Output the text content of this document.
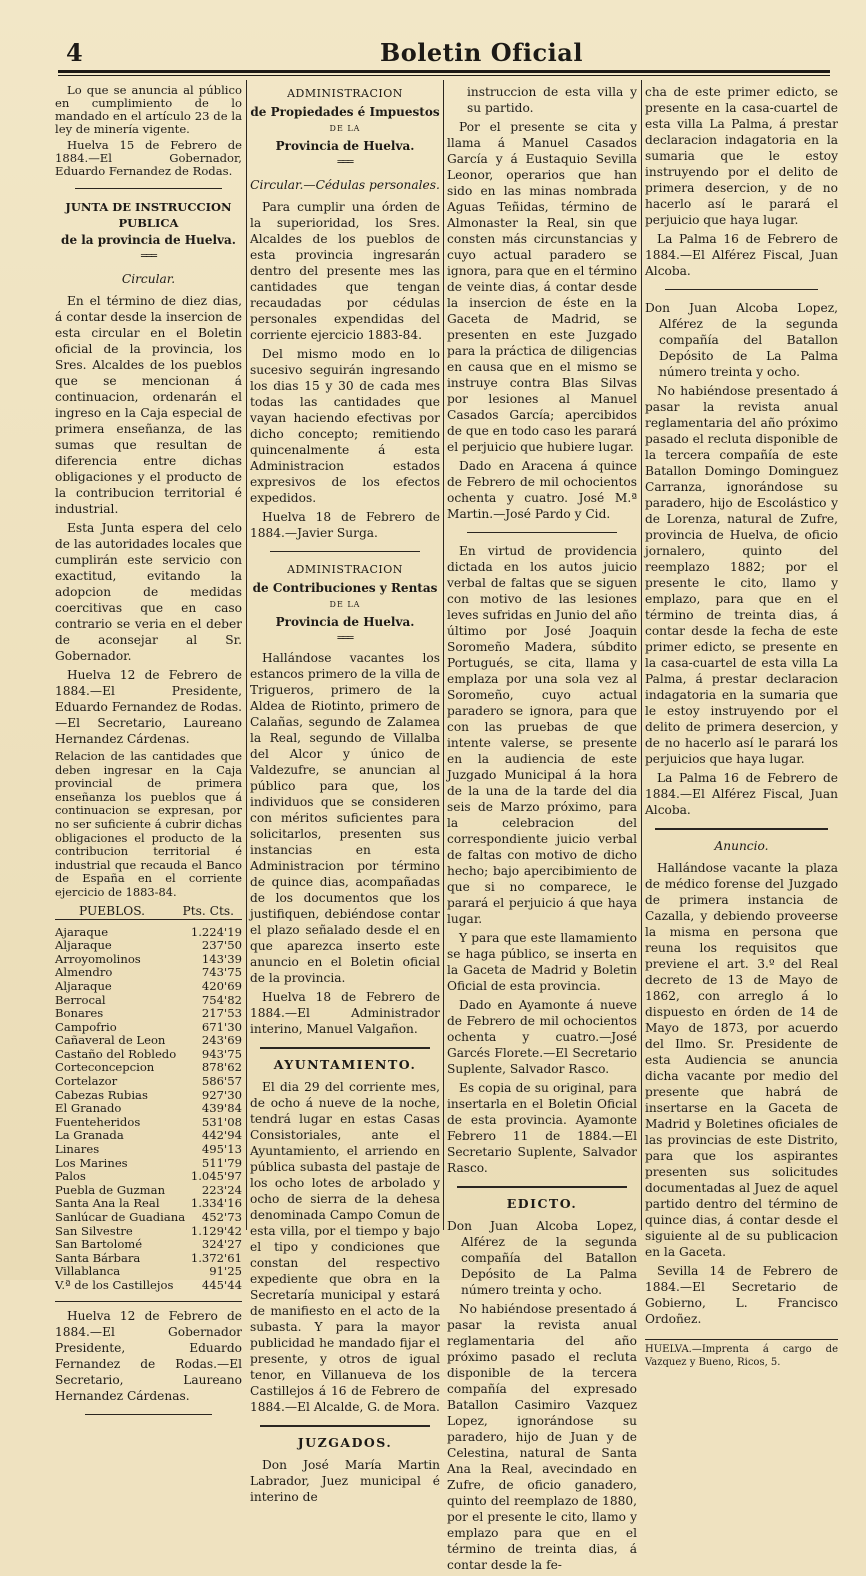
4	Boletin Oficial

Lo que se anuncia al público en cumplimiento de lo mandado en el artículo 23 de la ley de minería vigente.

Huelva 15 de Febrero de 1884.—El Gobernador, Eduardo Fernandez de Rodas.

JUNTA DE INSTRUCCION PUBLICA
de la provincia de Huelva.
═══
Circular.

En el término de diez dias, á contar desde la insercion de esta circular en el Boletin oficial de la provincia, los Sres. Alcaldes de los pueblos que se mencionan á continuacion, ordenarán el ingreso en la Caja especial de primera enseñanza, de las sumas que resultan de diferencia entre dichas obligaciones y el producto de la contribucion territorial é industrial.

Esta Junta espera del celo de las autoridades locales que cumplirán este servicio con exactitud, evitando la adopcion de medidas coercitivas que en caso contrario se veria en el deber de aconsejar al Sr. Gobernador.

Huelva 12 de Febrero de 1884.—El Presidente, Eduardo Fernandez de Rodas.—El Secretario, Laureano Hernandez Cárdenas.

Relacion de las cantidades que deben ingresar en la Caja provincial de primera enseñanza los pueblos que á continuacion se expresan, por no ser suficiente á cubrir dichas obligaciones el producto de la contribucion territorial é industrial que recauda el Banco de España en el corriente ejercicio de 1883-84.

PUEBLOS.	Pts. Cts.
Ajaraque	1.224'19
Aljaraque	237'50
Arroyomolinos	143'39
Almendro	743'75
Aljaraque	420'69
Berrocal	754'82
Bonares	217'53
Campofrio	671'30
Cañaveral de Leon	243'69
Castaño del Robledo 943'75
Corteconcepcion	878'62
Cortelazor	586'57
Cabezas Rubias	927'30
El Granado	439'84
Fuenteheridos	531'08
La Granada	442'94
Linares	495'13
Los Marines	511'79
Palos	1.045'97
Puebla de Guzman	223'24
Santa Ana la Real	1.334'16
Sanlúcar de Guadiana 452'73
San Silvestre	1.129'42
San Bartolomé	324'27
Santa Bárbara	1.372'61
Villablanca	91'25
V.ª de los Castillejos 445'44

Huelva 12 de Febrero de 1884.—El Gobernador Presidente, Eduardo Fernandez de Rodas.—El Secretario, Laureano Hernandez Cárdenas.

ADMINISTRACION
de Propiedades é Impuestos
DE LA
Provincia de Huelva.
═══
Circular.—Cédulas personales.

Para cumplir una órden de la superioridad, los Sres. Alcaldes de los pueblos de esta provincia ingresarán dentro del presente mes las cantidades que tengan recaudadas por cédulas personales expendidas del corriente ejercicio 1883-84.

Del mismo modo en lo sucesivo seguirán ingresando los dias 15 y 30 de cada mes todas las cantidades que vayan haciendo efectivas por dicho concepto; remitiendo quincenalmente á esta Administracion estados expresivos de los efectos expedidos.

Huelva 18 de Febrero de 1884.—Javier Surga.

ADMINISTRACION
de Contribuciones y Rentas
DE LA
Provincia de Huelva.
═══

Hallándose vacantes los estancos primero de la villa de Trigueros, primero de la Aldea de Riotinto, primero de Calañas, segundo de Zalamea la Real, segundo de Villalba del Alcor y único de Valdezufre, se anuncian al público para que, los individuos que se consideren con méritos suficientes para solicitarlos, presenten sus instancias en esta Administracion por término de quince dias, acompañadas de los documentos que los justifiquen, debiéndose contar el plazo señalado desde el en que aparezca inserto este anuncio en el Boletin oficial de la provincia.

Huelva 18 de Febrero de 1884.—El Administrador interino, Manuel Valgañon.

AYUNTAMIENTO.

El dia 29 del corriente mes, de ocho á nueve de la noche, tendrá lugar en estas Casas Consistoriales, ante el Ayuntamiento, el arriendo en pública subasta del pastaje de los ocho lotes de arbolado y ocho de sierra de la dehesa denominada Campo Comun de esta villa, por el tiempo y bajo el tipo y condiciones que constan del respectivo expediente que obra en la Secretaría municipal y estará de manifiesto en el acto de la subasta. Y para la mayor publicidad he mandado fijar el presente, y otros de igual tenor, en Villanueva de los Castillejos á 16 de Febrero de 1884.—El Alcalde, G. de Mora.

JUZGADOS.

Don José María Martin Labrador, Juez municipal é interino de

instruccion de esta villa y su partido.

Por el presente se cita y llama á Manuel Casados García y á Eustaquio Sevilla Leonor, operarios que han sido en las minas nombrada Aguas Teñidas, término de Almonaster la Real, sin que consten más circunstancias y cuyo actual paradero se ignora, para que en el término de veinte dias, á contar desde la insercion de éste en la Gaceta de Madrid, se presenten en este Juzgado para la práctica de diligencias en causa que en el mismo se instruye contra Blas Silvas por lesiones al Manuel Casados García; apercibidos de que en todo caso les parará el perjuicio que hubiere lugar.

Dado en Aracena á quince de Febrero de mil ochocientos ochenta y cuatro. José M.ª Martin.—José Pardo y Cid.

En virtud de providencia dictada en los autos juicio verbal de faltas que se siguen con motivo de las lesiones leves sufridas en Junio del año último por José Joaquin Soromeño Madera, súbdito Portugués, se cita, llama y emplaza por una sola vez al Soromeño, cuyo actual paradero se ignora, para que con las pruebas de que intente valerse, se presente en la audiencia de este Juzgado Municipal á la hora de la una de la tarde del dia seis de Marzo próximo, para la celebracion del correspondiente juicio verbal de faltas con motivo de dicho hecho; bajo apercibimiento de que si no comparece, le parará el perjuicio á que haya lugar.

Y para que este llamamiento se haga público, se inserta en la Gaceta de Madrid y Boletin Oficial de esta provincia.

Dado en Ayamonte á nueve de Febrero de mil ochocientos ochenta y cuatro.—José Garcés Florete.—El Secretario Suplente, Salvador Rasco.

Es copia de su original, para insertarla en el Boletin Oficial de esta provincia. Ayamonte Febrero 11 de 1884.—El Secretario Suplente, Salvador Rasco.

EDICTO.

Don Juan Alcoba Lopez, Alférez de la segunda compañía del Batallon Depósito de La Palma número treinta y ocho.

No habiéndose presentado á pasar la revista anual reglamentaria del año próximo pasado el recluta disponible de la tercera compañía del expresado Batallon Casimiro Vazquez Lopez, ignorándose su paradero, hijo de Juan y de Celestina, natural de Santa Ana la Real, avecindado en Zufre, de oficio ganadero, quinto del reemplazo de 1880, por el presente le cito, llamo y emplazo para que en el término de treinta dias, á contar desde la fe-

cha de este primer edicto, se presente en la casa-cuartel de esta villa La Palma, á prestar declaracion indagatoria en la sumaria que le estoy instruyendo por el delito de primera desercion, y de no hacerlo así le parará el perjuicio que haya lugar.

La Palma 16 de Febrero de 1884.—El Alférez Fiscal, Juan Alcoba.

Don Juan Alcoba Lopez, Alférez de la segunda compañía del Batallon Depósito de La Palma número treinta y ocho.

No habiéndose presentado á pasar la revista anual reglamentaria del año próximo pasado el recluta disponible de la tercera compañía de este Batallon Domingo Dominguez Carranza, ignorándose su paradero, hijo de Escolástico y de Lorenza, natural de Zufre, provincia de Huelva, de oficio jornalero, quinto del reemplazo 1882; por el presente le cito, llamo y emplazo, para que en el término de treinta dias, á contar desde la fecha de este primer edicto, se presente en la casa-cuartel de esta villa La Palma, á prestar declaracion indagatoria en la sumaria que le estoy instruyendo por el delito de primera desercion, y de no hacerlo así le parará los perjuicios que haya lugar.

La Palma 16 de Febrero de 1884.—El Alférez Fiscal, Juan Alcoba.

Anuncio.

Hallándose vacante la plaza de médico forense del Juzgado de primera instancia de Cazalla, y debiendo proveerse la misma en persona que reuna los requisitos que previene el art. 3.º del Real decreto de 13 de Mayo de 1862, con arreglo á lo dispuesto en órden de 14 de Mayo de 1873, por acuerdo del Ilmo. Sr. Presidente de esta Audiencia se anuncia dicha vacante por medio del presente que habrá de insertarse en la Gaceta de Madrid y Boletines oficiales de las provincias de este Distrito, para que los aspirantes presenten sus solicitudes documentadas al Juez de aquel partido dentro del término de quince dias, á contar desde el siguiente al de su publicacion en la Gaceta.

Sevilla 14 de Febrero de 1884.—El Secretario de Gobierno, L. Francisco Ordoñez.

HUELVA.—Imprenta á cargo de Vazquez y Bueno, Ricos, 5.
